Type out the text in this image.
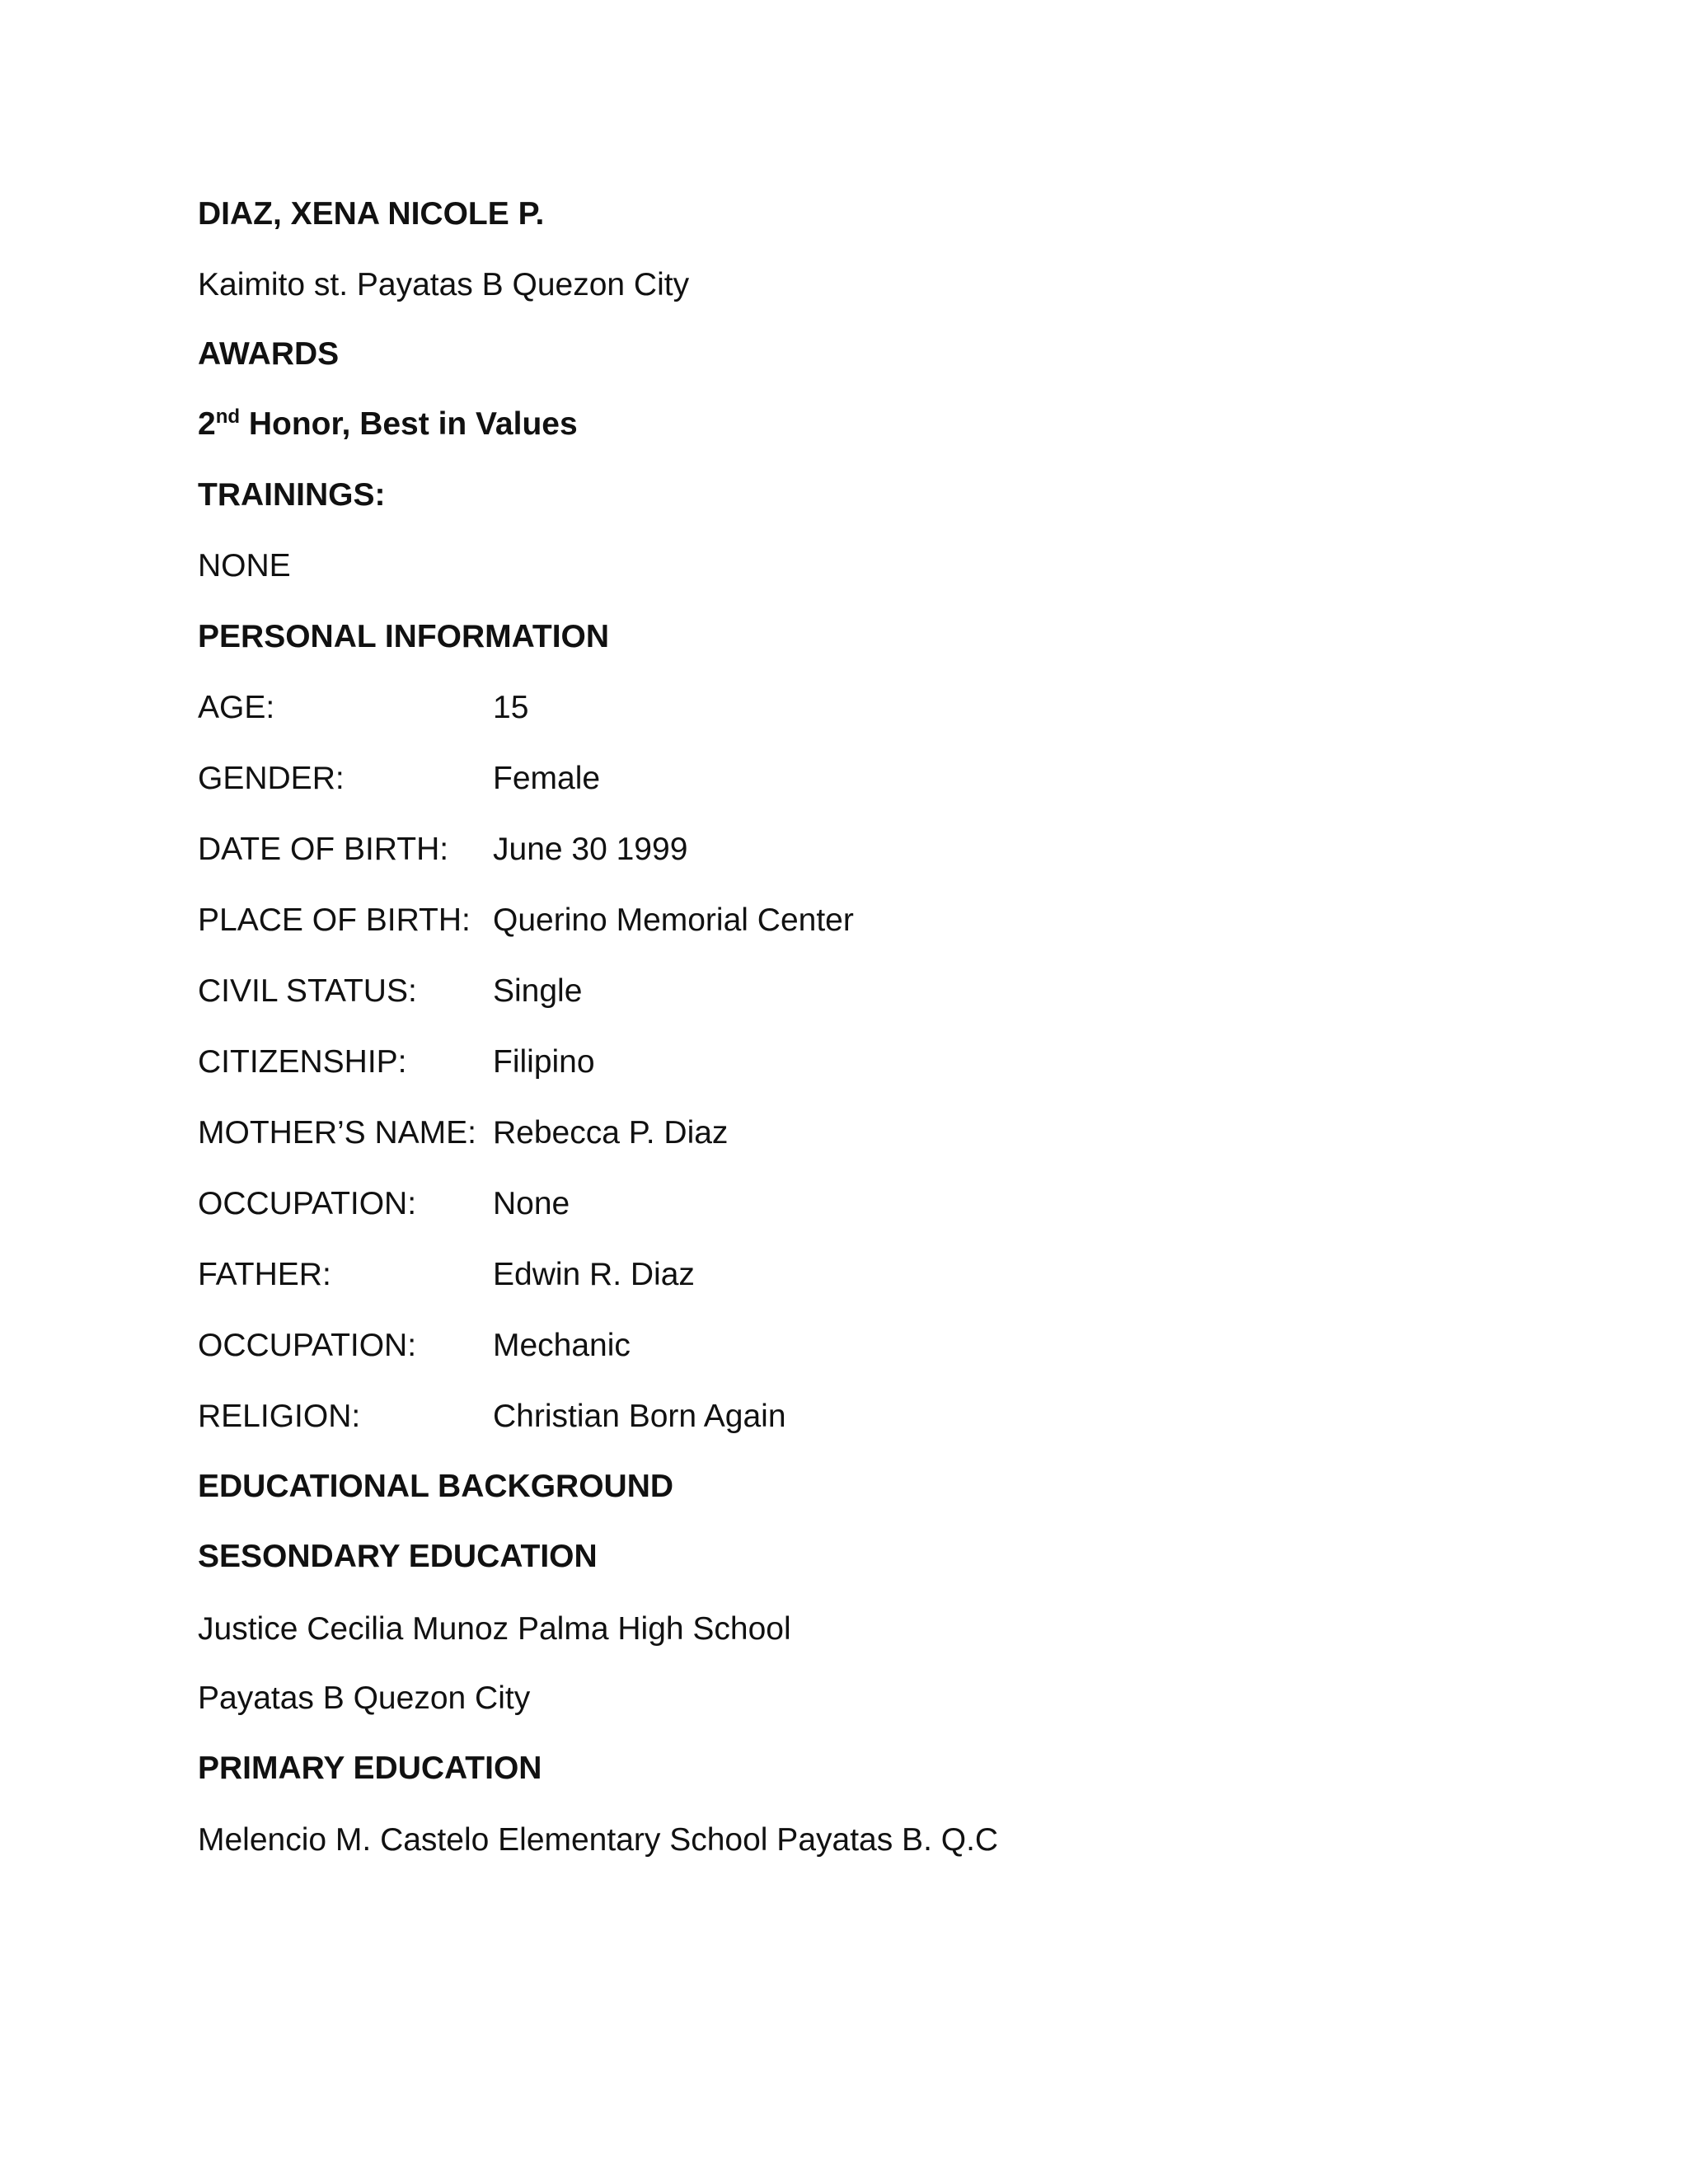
DIAZ, XENA NICOLE P.
Kaimito st. Payatas B Quezon City
AWARDS
2nd Honor, Best in Values
TRAININGS:
NONE
PERSONAL INFORMATION
AGE:	15
GENDER:	Female
DATE OF BIRTH: June 30 1999
PLACE OF BIRTH: Querino Memorial Center
CIVIL STATUS: Single
CITIZENSHIP:	Filipino
MOTHER’S NAME: Rebecca P. Diaz
OCCUPATION: None
FATHER:	Edwin R. Diaz
OCCUPATION: Mechanic
RELIGION:	Christian Born Again
EDUCATIONAL BACKGROUND
SESONDARY EDUCATION
Justice Cecilia Munoz Palma High School
Payatas B Quezon City
PRIMARY EDUCATION
Melencio M. Castelo Elementary School Payatas B. Q.C
